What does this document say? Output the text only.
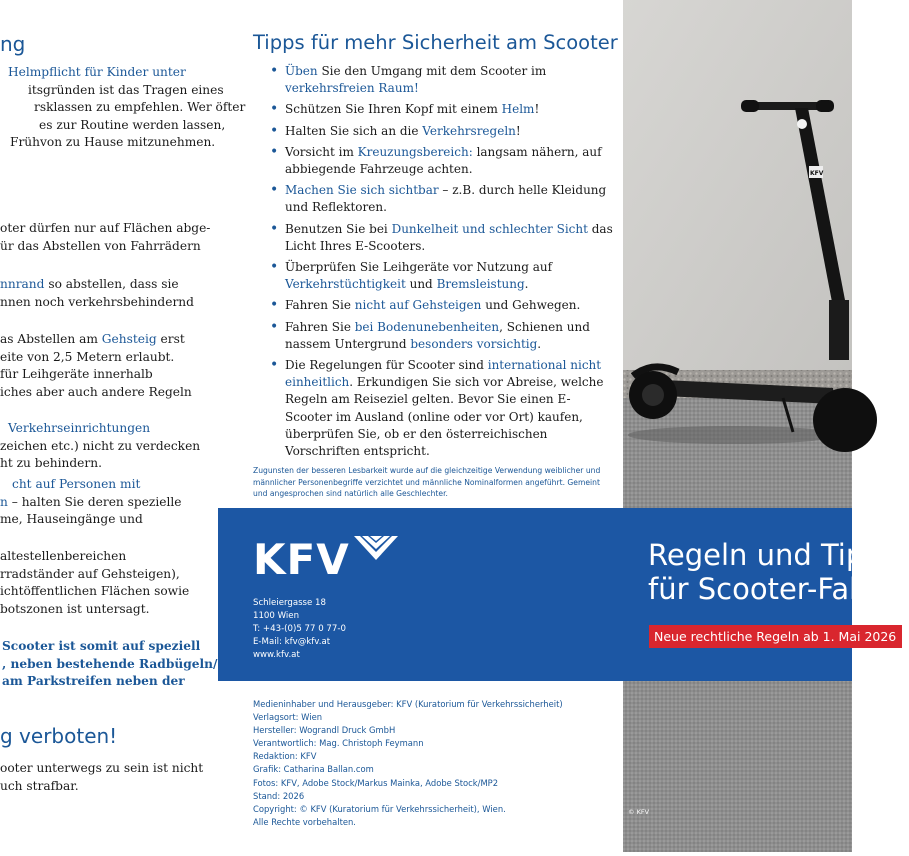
ng
Helmpflicht für Kinder unter
itsgründen ist das Tragen eines
rsklassen zu empfehlen. Wer öfter
es zur Routine werden lassen,
Frühvon zu Hause mitzunehmen.
oter dürfen nur auf Flächen abge-
ür das Abstellen von Fahrrädern
nnrand so abstellen, dass sie
nnen noch verkehrsbehindernd
as Abstellen am Gehsteig erst
eite von 2,5 Metern erlaubt.
für Leihgeräte innerhalb
iches aber auch andere Regeln
Verkehrseinrichtungen
zeichen etc.) nicht zu verdecken
ht zu behindern.
cht auf Personen mit
n – halten Sie deren spezielle
me, Hauseingänge und
altestellenbereichen
rradständer auf Gehsteigen),
ichtöffentlichen Flächen sowie
botszonen ist untersagt.
Scooter ist somit auf speziell
, neben bestehende Radbügeln/
am Parkstreifen neben der
g verboten!
ooter unterwegs zu sein ist nicht
uch strafbar.
Tipps für mehr Sicherheit am Scooter
• Üben Sie den Umgang mit dem Scooter im verkehrsfreien Raum!
• Schützen Sie Ihren Kopf mit einem Helm!
• Halten Sie sich an die Verkehrsregeln!
• Vorsicht im Kreuzungsbereich: langsam nähern, auf abbiegende Fahrzeuge achten.
• Machen Sie sich sichtbar – z.B. durch helle Kleidung und Reflektoren.
• Benutzen Sie bei Dunkelheit und schlechter Sicht das Licht Ihres E-Scooters.
• Überprüfen Sie Leihgeräte vor Nutzung auf Verkehrstüchtigkeit und Bremsleistung.
• Fahren Sie nicht auf Gehsteigen und Gehwegen.
• Fahren Sie bei Bodenunebenheiten, Schienen und nassem Untergrund besonders vorsichtig.
• Die Regelungen für Scooter sind international nicht einheitlich. Erkundigen Sie sich vor Abreise, welche Regeln am Reiseziel gelten. Bevor Sie einen E-Scooter im Ausland (online oder vor Ort) kaufen, überprüfen Sie, ob er den österreichischen Vorschriften entspricht.
Zugunsten der besseren Lesbarkeit wurde auf die gleichzeitige Verwendung weiblicher und männlicher Personenbegriffe verzichtet und männliche Nominalformen angeführt. Gemeint und angesprochen sind natürlich alle Geschlechter.
KFV
KFV
Schleiergasse 18
1100 Wien
T: +43-(0)5 77 0 77-0
E-Mail: kfv@kfv.at
www.kfv.at
Regeln und Tipps
für Scooter-Fahrer
Neue rechtliche Regeln ab 1. Mai 2026
Medieninhaber und Herausgeber: KFV (Kuratorium für Verkehrssicherheit)
Verlagsort: Wien
Hersteller: Wograndl Druck GmbH
Verantwortlich: Mag. Christoph Feymann
Redaktion: KFV
Grafik: Catharina Ballan.com
Fotos: KFV, Adobe Stock/Markus Mainka, Adobe Stock/MP2
Stand: 2026
Copyright: © KFV (Kuratorium für Verkehrssicherheit), Wien.
Alle Rechte vorbehalten.
© KFV
